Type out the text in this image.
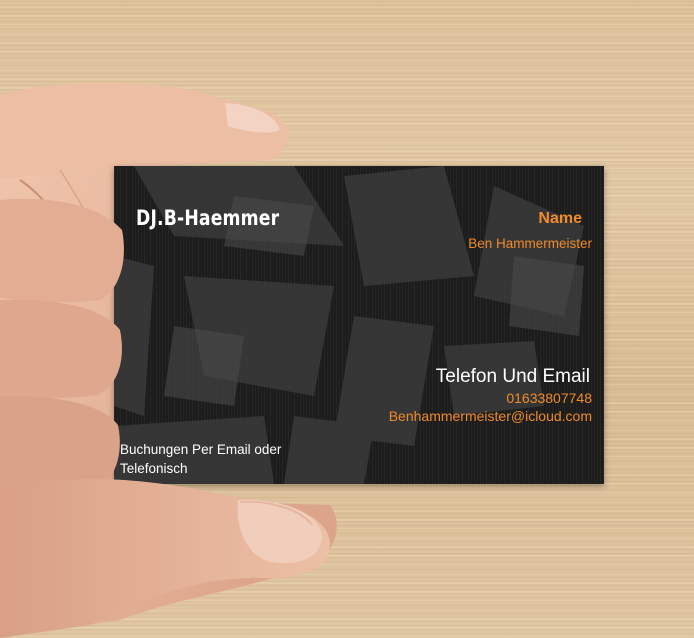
DJ.B-Haemmer	Name
Ben Hammermeister
Telefon Und Email
01633807748
Benhammermeister@icloud.com
Buchungen Per Email oder
Telefonisch
